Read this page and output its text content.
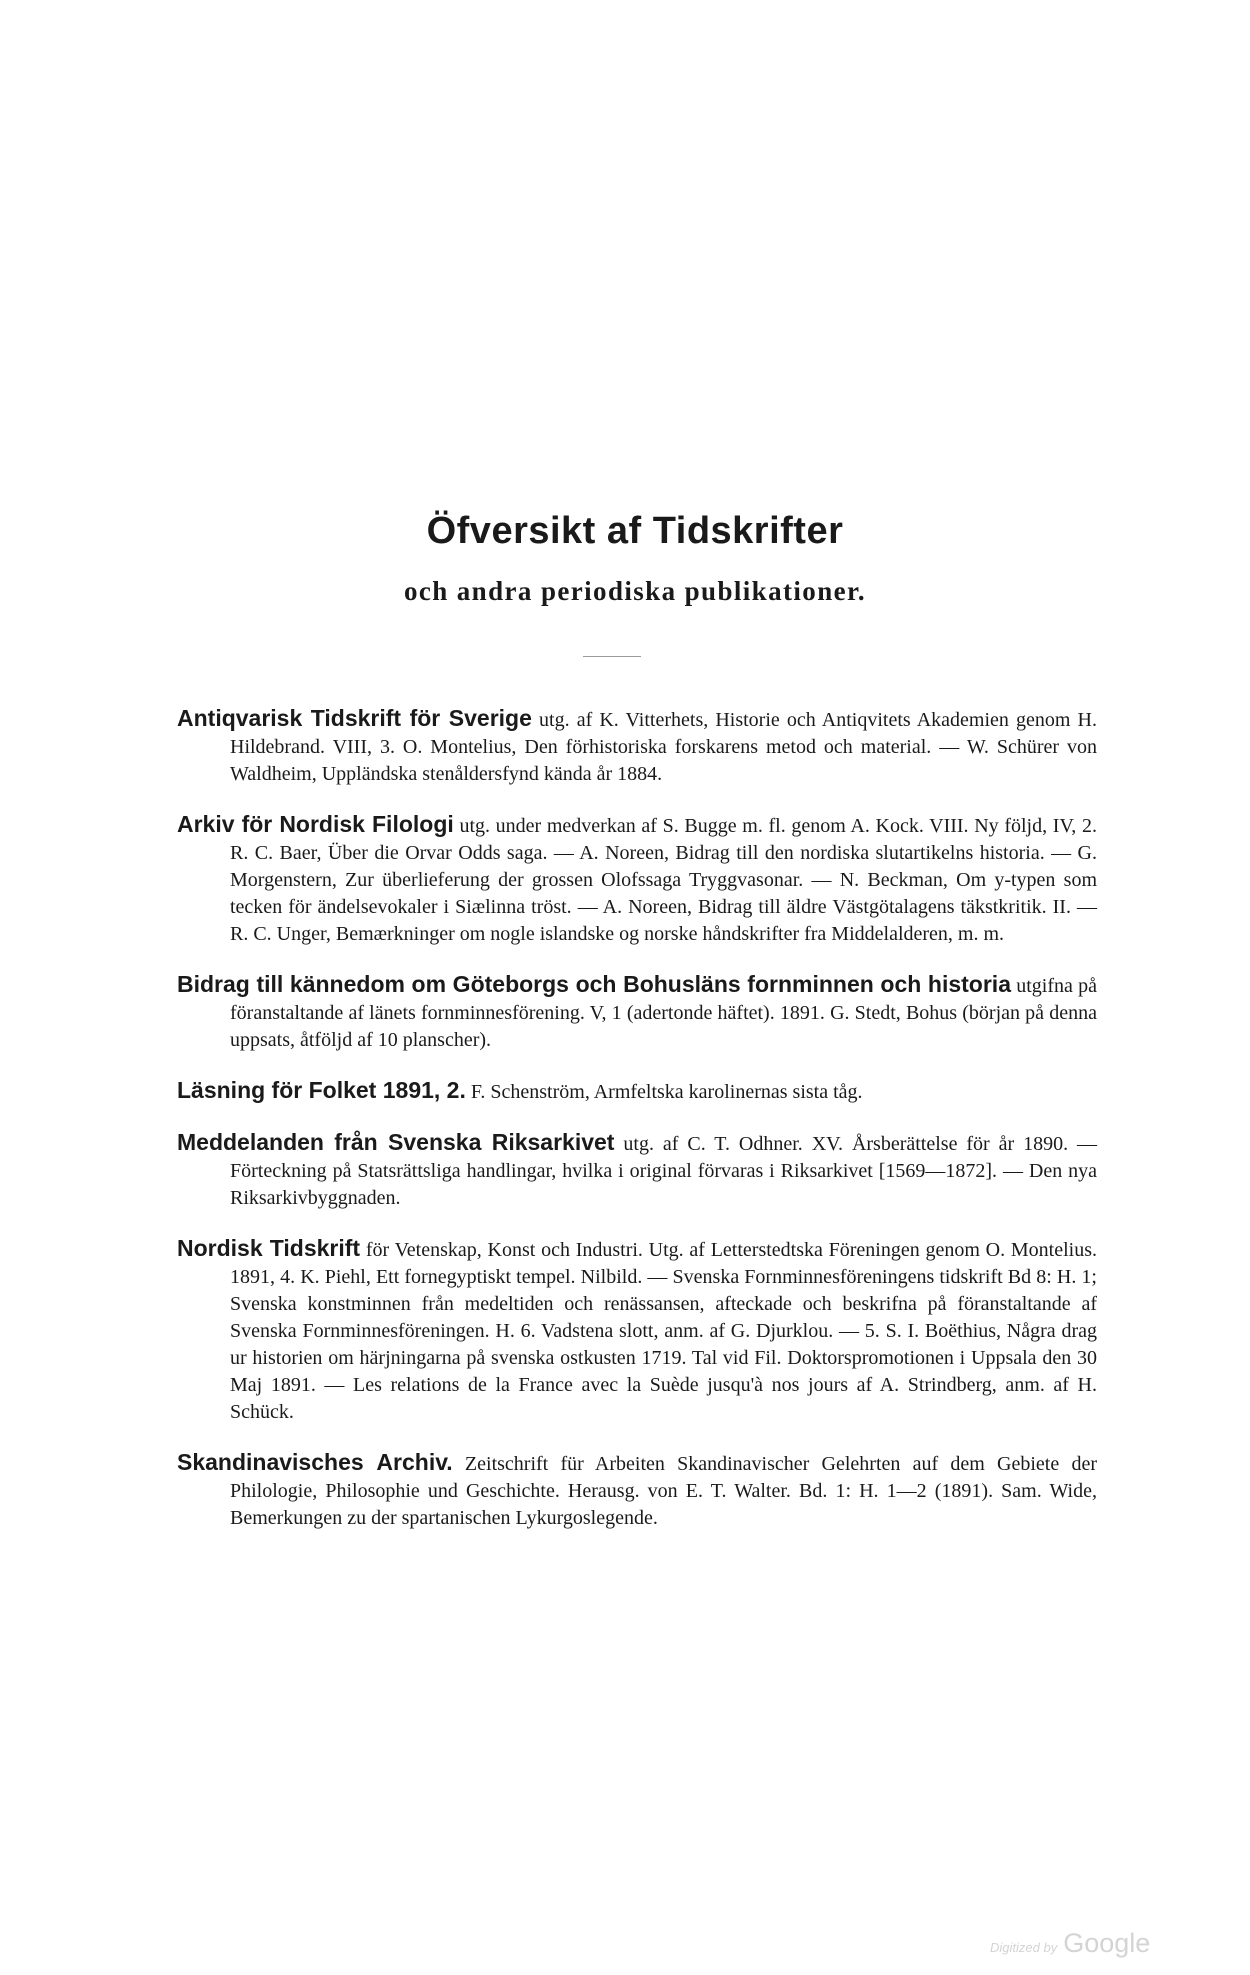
Öfversikt af Tidskrifter
och andra periodiska publikationer.

Antiqvarisk Tidskrift för Sverige utg. af K. Vitterhets, Historie och Antiqvitets Akademien genom H. Hildebrand. VIII, 3. O. Montelius, Den förhistoriska forskarens metod och material. — W. Schürer von Waldheim, Uppländska stenåldersfynd kända år 1884.

Arkiv för Nordisk Filologi utg. under medverkan af S. Bugge m. fl. genom A. Kock. VIII. Ny följd, IV, 2. R. C. Baer, Über die Orvar Odds saga. — A. Noreen, Bidrag till den nordiska slutartikelns historia. — G. Morgenstern, Zur überlieferung der grossen Olofssaga Tryggvasonar. — N. Beckman, Om y-typen som tecken för ändelsevokaler i Siælinna tröst. — A. Noreen, Bidrag till äldre Västgötalagens täkstkritik. II. — R. C. Unger, Bemærkninger om nogle islandske og norske håndskrifter fra Middelalderen, m. m.

Bidrag till kännedom om Göteborgs och Bohusläns fornminnen och historia utgifna på föranstaltande af länets fornminnesförening. V, 1 (adertonde häftet). 1891. G. Stedt, Bohus (början på denna uppsats, åtföljd af 10 planscher).

Läsning för Folket 1891, 2. F. Schenström, Armfeltska karolinernas sista tåg.

Meddelanden från Svenska Riksarkivet utg. af C. T. Odhner. XV. Årsberättelse för år 1890. — Förteckning på Statsrättsliga handlingar, hvilka i original förvaras i Riksarkivet [1569—1872]. — Den nya Riksarkivbyggnaden.

Nordisk Tidskrift för Vetenskap, Konst och Industri. Utg. af Letterstedtska Föreningen genom O. Montelius. 1891, 4. K. Piehl, Ett fornegyptiskt tempel. Nilbild. — Svenska Fornminnesföreningens tidskrift Bd 8: H. 1; Svenska konstminnen från medeltiden och renässansen, afteckade och beskrifna på föranstaltande af Svenska Fornminnesföreningen. H. 6. Vadstena slott, anm. af G. Djurklou. — 5. S. I. Boëthius, Några drag ur historien om härjningarna på svenska ostkusten 1719. Tal vid Fil. Doktorspromotionen i Uppsala den 30 Maj 1891. — Les relations de la France avec la Suède jusqu'à nos jours af A. Strindberg, anm. af H. Schück.

Skandinavisches Archiv. Zeitschrift für Arbeiten Skandinavischer Gelehrten auf dem Gebiete der Philologie, Philosophie und Geschichte. Herausg. von E. T. Walter. Bd. 1: H. 1—2 (1891). Sam. Wide, Bemerkungen zu der spartanischen Lykurgoslegende.

Digitized by Google
